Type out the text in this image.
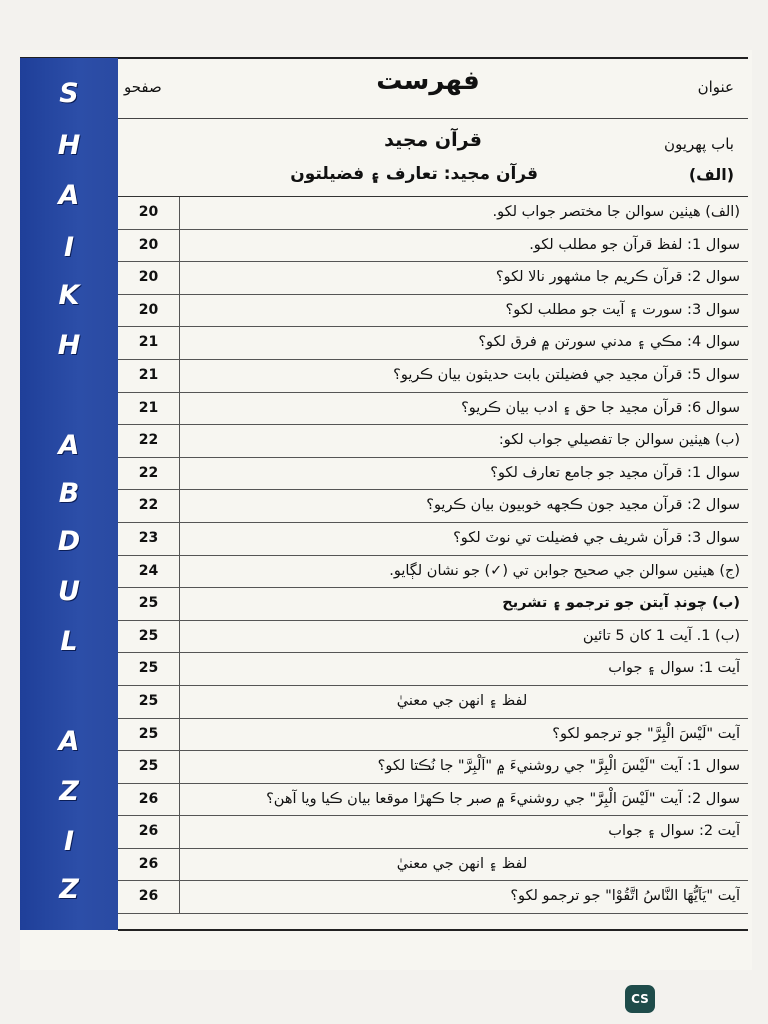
S
H
A
I
K
H
A
B
D
U
L
A
Z
I
Z
صفحو	فهرست	عنوان
باب پهريون
قرآن مجيد
(الف)
قرآن مجيد: تعارف ۽ فضيلتون
20	(الف) هيٺين سوالن جا مختصر جواب لکو.
20	سوال 1: لفظ قرآن جو مطلب لکو.
20	سوال 2: قرآن ڪريم جا مشهور نالا لکو؟
20	سوال 3: سورت ۽ آيت جو مطلب لکو؟
21	سوال 4: مڪي ۽ مدني سورتن ۾ فرق لکو؟
21	سوال 5: قرآن مجيد جي فضيلتن بابت حديثون بيان ڪريو؟
21	سوال 6: قرآن مجيد جا حق ۽ ادب بيان ڪريو؟
22	(ب) هيٺين سوالن جا تفصيلي جواب لکو:
22	سوال 1: قرآن مجيد جو جامع تعارف لکو؟
22	سوال 2: قرآن مجيد جون ڪجهه خوبيون بيان ڪريو؟
23	سوال 3: قرآن شريف جي فضيلت تي نوٽ لکو؟
24	(ج) هيٺين سوالن جي صحيح جوابن تي (✓) جو نشان لڳايو.
25	(ب) چونڊ آيتن جو ترجمو ۽ تشريح
25	(ب) 1. آيت 1 کان 5 تائين
25	آيت 1: سوال ۽ جواب
25	لفظ ۽ انهن جي معنيٰ
25	آيت "لَيْسَ الْبِرَّ" جو ترجمو لکو؟
25	سوال 1: آيت "لَيْسَ الْبِرَّ" جي روشنيءَ ۾ "اَلْبِرَّ" جا نُڪتا لکو؟
26	سوال 2: آيت "لَيْسَ الْبِرَّ" جي روشنيءَ ۾ صبر جا ڪهڙا موقعا بيان ڪيا ويا آهن؟
26	آيت 2: سوال ۽ جواب
26	لفظ ۽ انهن جي معنيٰ
26	آيت "يَاَيُّهَا النَّاسُ اتَّقُوْا" جو ترجمو لکو؟
CS
